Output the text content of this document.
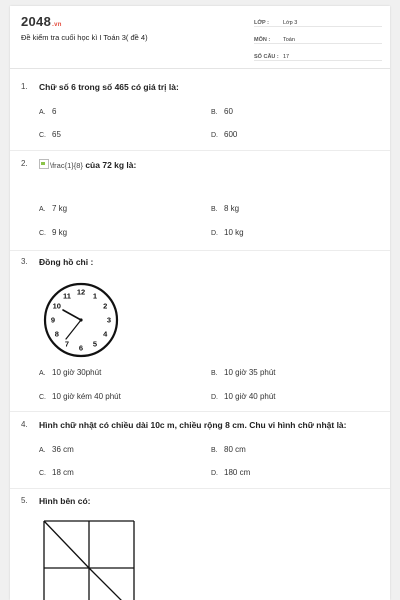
2048.vn
Đề kiểm tra cuối học kì I Toán 3( đề 4)
LỚP :	Lớp 3
MÔN :	Toán
SỐ CÂU : 17
1. Chữ số 6 trong số 465 có giá trị là:
A. 6	B. 60
C. 65	D. 600
2.	\frac{1}{8} của 72 kg là:
A. 7 kg	B. 8 kg
C. 9 kg	D. 10 kg
3. Đồng hồ chỉ :
12 1
2
3
4
5
6
7
8
9
10
11
A. 10 giờ 30phút	B. 10 giờ 35 phút
C. 10 giờ kém 40 phút	D. 10 giờ 40 phút
4. Hình chữ nhật có chiều dài 10c m, chiều rộng 8 cm. Chu vi hình chữ nhật là:
A. 36 cm	B. 80 cm
C. 18 cm	D. 180 cm
5. Hình bên có:
